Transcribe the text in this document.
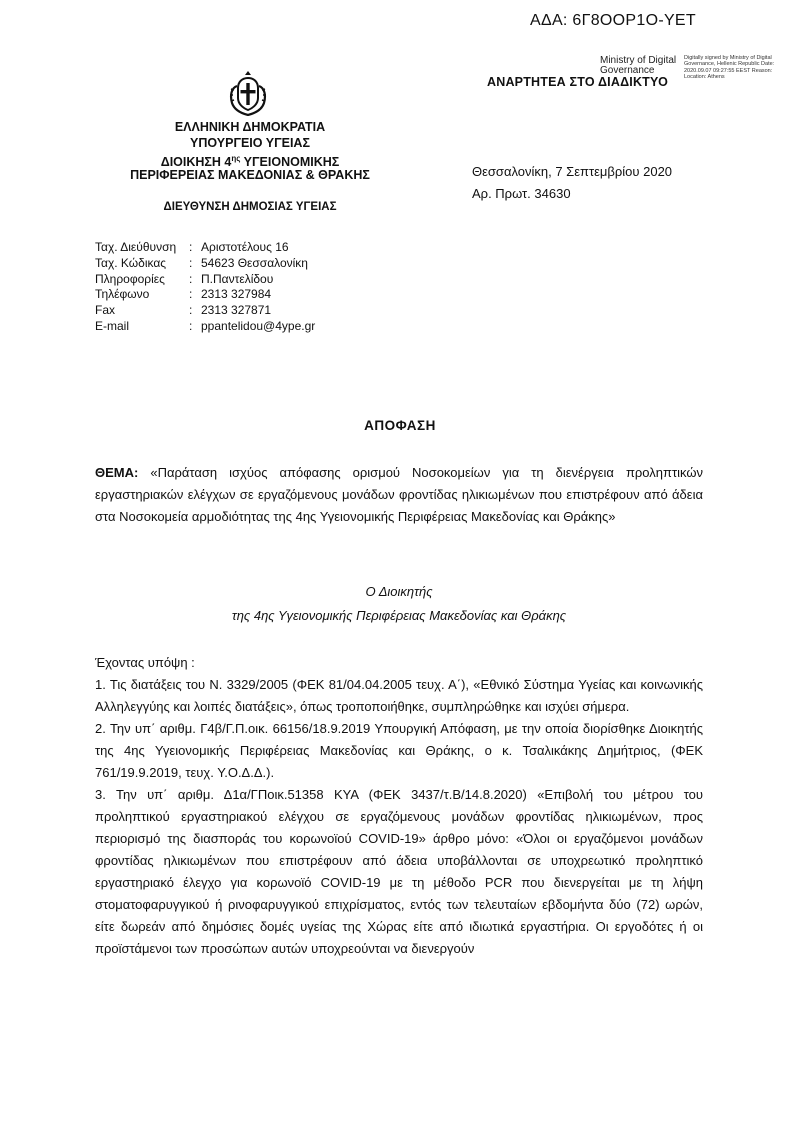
ΑΔΑ: 6Γ8ΟΟΡ1Ο-ΥΕΤ
Ministry of Digital Governance
Digitally signed by Ministry of Digital Governance, Hellenic Republic Date: 2020.09.07 09:27:55 EEST Reason: Location: Athens
ΑΝΑΡΤΗΤΕΑ ΣΤΟ ΔΙΑΔΙΚΤΥΟ
ΕΛΛΗΝΙΚΗ ΔΗΜΟΚΡΑΤΙΑ
ΥΠΟΥΡΓΕΙΟ ΥΓΕΙΑΣ
ΔΙΟΙΚΗΣΗ $4^{\eta\varsigma}$ ΥΓΕΙΟΝΟΜΙΚΗΣ
ΠΕΡΙΦΕΡΕΙΑΣ ΜΑΚΕΔΟΝΙΑΣ & ΘΡΑΚΗΣ
ΔΙΕΥΘΥΝΣΗ ΔΗΜΟΣΙΑΣ ΥΓΕΙΑΣ
Θεσσαλονίκη, 7 Σεπτεμβρίου 2020
Αρ. Πρωτ. 34630
Ταχ. Διεύθυνση	: Αριστοτέλους 16
Ταχ. Κώδικας	: 54623 Θεσσαλονίκη
Πληροφορίες	: Π.Παντελίδου
Τηλέφωνο	: 2313 327984
Fax	: 2313 327871
E-mail	: ppantelidou@4ype.gr
ΑΠΟΦΑΣΗ
ΘΕΜΑ: «Παράταση ισχύος απόφασης ορισμού Νοσοκομείων για τη διενέργεια προληπτικών εργαστηριακών ελέγχων σε εργαζόμενους μονάδων φροντίδας ηλικιωμένων που επιστρέφουν από άδεια στα Νοσοκομεία αρμοδιότητας της 4ης Υγειονομικής Περιφέρειας Μακεδονίας και Θράκης»
Ο Διοικητής
της 4ης Υγειονομικής Περιφέρειας Μακεδονίας και Θράκης
Έχοντας υπόψη :

1. Τις διατάξεις του Ν. 3329/2005 (ΦΕΚ 81/04.04.2005 τευχ. Α΄), «Εθνικό Σύστημα Υγείας και κοινωνικής Αλληλεγγύης και λοιπές διατάξεις», όπως τροποποιήθηκε, συμπληρώθηκε και ισχύει σήμερα.

2. Την υπ΄ αριθμ. Γ4β/Γ.Π.οικ. 66156/18.9.2019 Υπουργική Απόφαση, με την οποία διορίσθηκε Διοικητής της 4ης Υγειονομικής Περιφέρειας Μακεδονίας και Θράκης, ο κ. Τσαλικάκης Δημήτριος, (ΦΕΚ 761/19.9.2019, τευχ. Υ.Ο.Δ.Δ.).

3. Την υπ΄ αριθμ. Δ1α/ΓΠοικ.51358 ΚΥΑ (ΦΕΚ 3437/τ.Β/14.8.2020) «Επιβολή του μέτρου του προληπτικού εργαστηριακού ελέγχου σε εργαζόμενους μονάδων φροντίδας ηλικιωμένων, προς περιορισμό της διασποράς του κορωνοϊού COVID-19» άρθρο μόνο: «Όλοι οι εργαζόμενοι μονάδων φροντίδας ηλικιωμένων που επιστρέφουν από άδεια υποβάλλονται σε υποχρεωτικό προληπτικό εργαστηριακό έλεγχο για κορωνοϊό COVID-19 με τη μέθοδο PCR που διενεργείται με τη λήψη στοματοφαρυγγικού ή ρινοφαρυγγικού επιχρίσματος, εντός των τελευταίων εβδομήντα δύο (72) ωρών, είτε δωρεάν από δημόσιες δομές υγείας της Χώρας είτε από ιδιωτικά εργαστήρια. Οι εργοδότες ή οι προϊστάμενοι των προσώπων αυτών υποχρεούνται να διενεργούν
